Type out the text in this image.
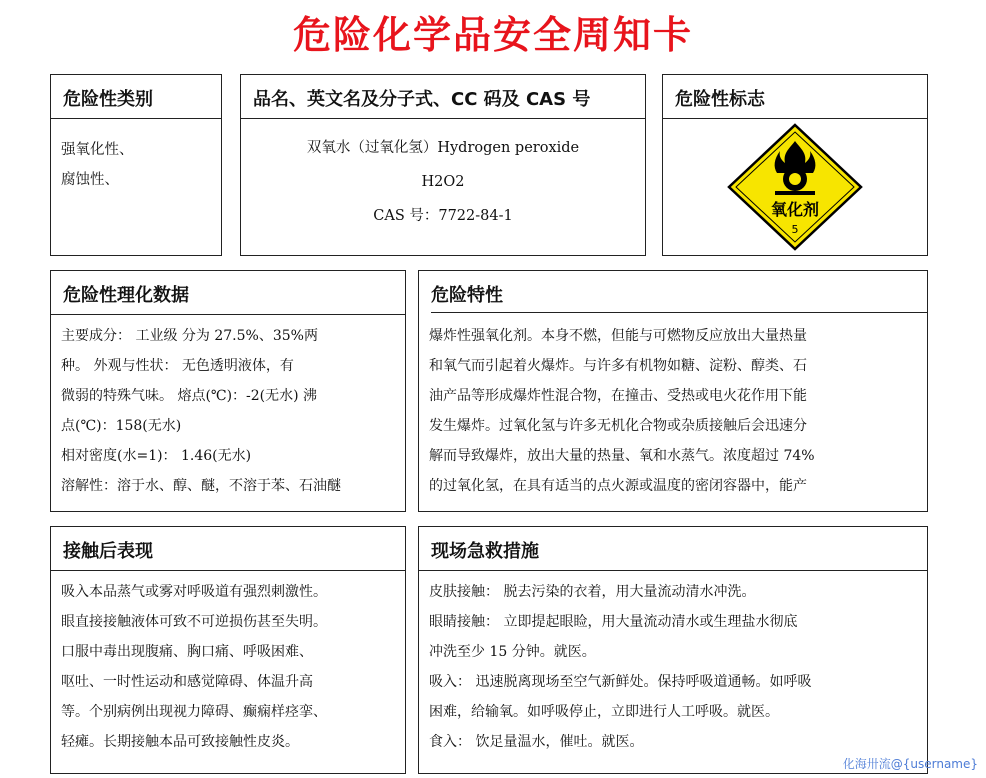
危险化学品安全周知卡
危险性类别

强氧化性、

腐蚀性、

品名、英文名及分子式、CC 码及 CAS 号

双氧水（过氧化氢）Hydrogen peroxide

H2O2

CAS 号：7722-84-1

危险性标志
氧化剂
5
危险性理化数据

主要成分： 工业级 分为 27.5%、35%两

种。 外观与性状： 无色透明液体，有

微弱的特殊气味。 熔点(℃)：-2(无水) 沸

点(℃)：158(无水)

相对密度(水=1)： 1.46(无水)

溶解性：溶于水、醇、醚，不溶于苯、石油醚

危险特性

爆炸性强氧化剂。本身不燃，但能与可燃物反应放出大量热量

和氧气而引起着火爆炸。与许多有机物如糖、淀粉、醇类、石

油产品等形成爆炸性混合物，在撞击、受热或电火花作用下能

发生爆炸。过氧化氢与许多无机化合物或杂质接触后会迅速分

解而导致爆炸，放出大量的热量、氧和水蒸气。浓度超过 74%

的过氧化氢，在具有适当的点火源或温度的密闭容器中，能产

接触后表现

吸入本品蒸气或雾对呼吸道有强烈刺激性。

眼直接接触液体可致不可逆损伤甚至失明。

口服中毒出现腹痛、胸口痛、呼吸困难、

呕吐、一时性运动和感觉障碍、体温升高

等。个别病例出现视力障碍、癫痫样痉挛、

轻瘫。长期接触本品可致接触性皮炎。

现场急救措施

皮肤接触： 脱去污染的衣着，用大量流动清水冲洗。

眼睛接触： 立即提起眼睑，用大量流动清水或生理盐水彻底

冲洗至少 15 分钟。就医。

吸入： 迅速脱离现场至空气新鲜处。保持呼吸道通畅。如呼吸

困难，给输氧。如呼吸停止，立即进行人工呼吸。就医。

食入： 饮足量温水，催吐。就医。

化海卅流@{username}
